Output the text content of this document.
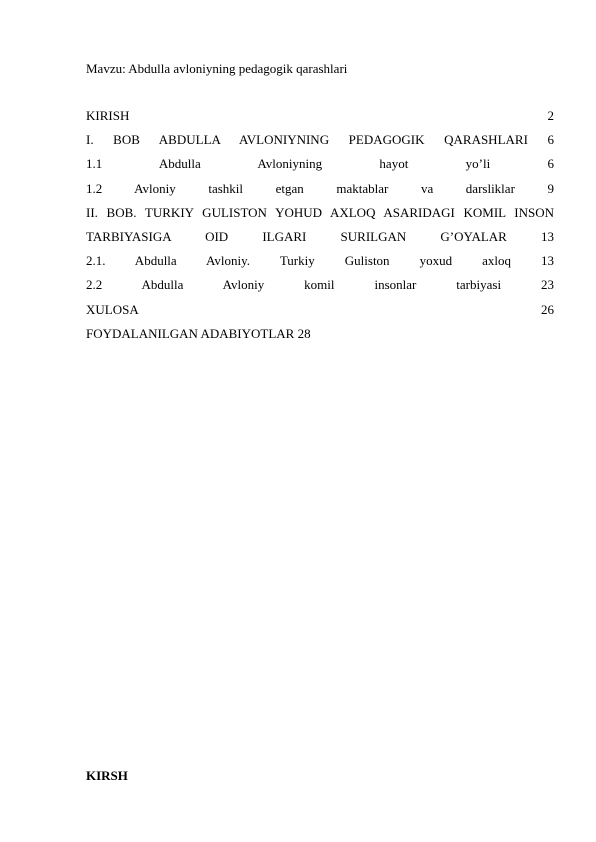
Mavzu: Abdulla avloniyning pedagogik qarashlari
KIRISH 2
I. BOB ABDULLA AVLONIYNING PEDAGOGIK QARASHLARI 6
1.1 Abdulla Avloniyning hayot yo’li 6
1.2 Avloniy tashkil etgan maktablar va darsliklar 9
II. BOB. TURKIY GULISTON YOHUD AXLOQ ASARIDAGI KOMIL INSON
TARBIYASIGA OID ILGARI SURILGAN G’OYALAR 13
2.1. Abdulla Avloniy. Turkiy Guliston yoxud axloq 13
2.2 Abdulla Avloniy komil insonlar tarbiyasi 23
XULOSA 26
FOYDALANILGAN ADABIYOTLAR 28
KIRSH
